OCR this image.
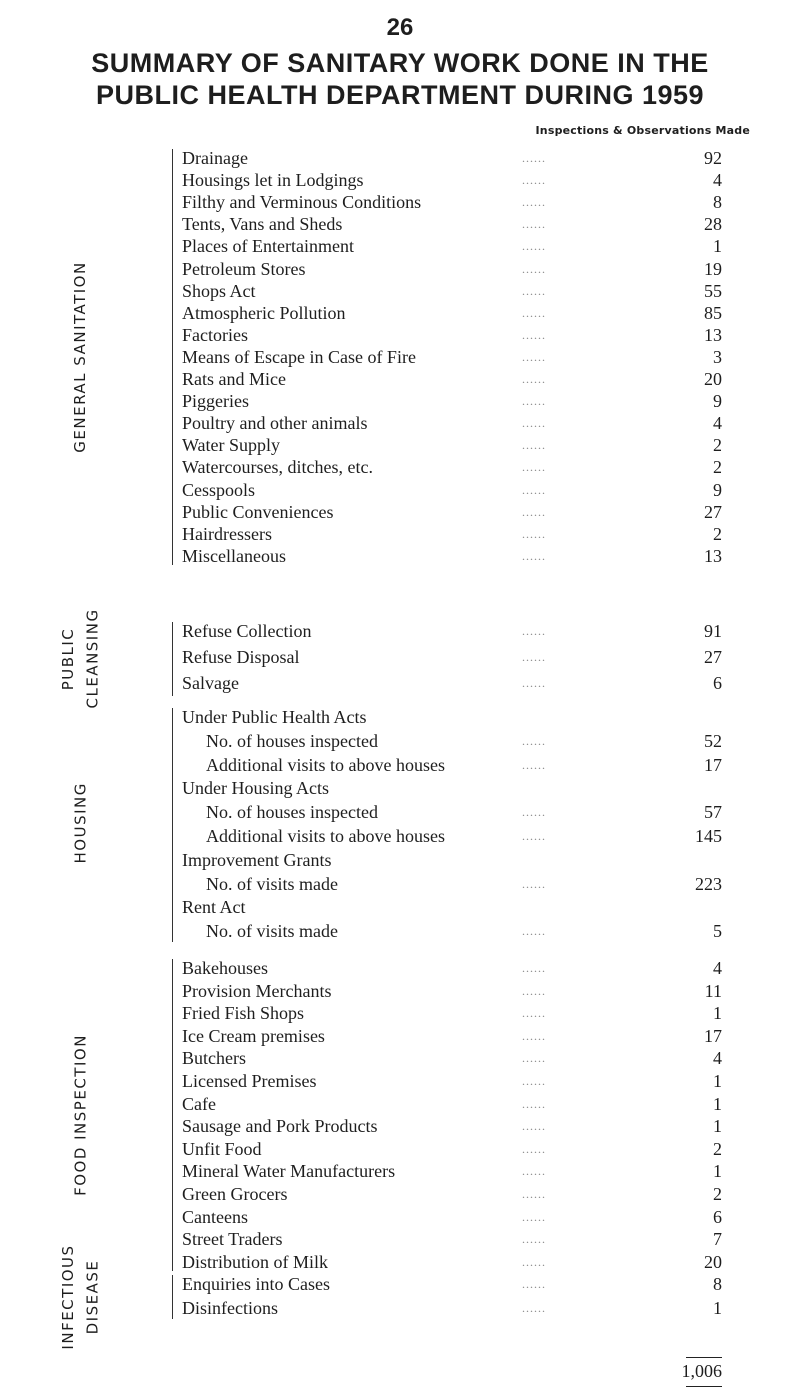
26
SUMMARY OF SANITARY WORK DONE IN THE
PUBLIC HEALTH DEPARTMENT DURING 1959
Inspections & Observations Made
GENERAL SANITATION
Drainage	......	92
Housings let in Lodgings	......	4
Filthy and Verminous Conditions	......	8
Tents, Vans and Sheds	......	28
Places of Entertainment	......	1
Petroleum Stores	......	19
Shops Act	......	55
Atmospheric Pollution	......	85
Factories	......	13
Means of Escape in Case of Fire	......	3
Rats and Mice	......	20
Piggeries	......	9
Poultry and other animals	......	4
Water Supply	......	2
Watercourses, ditches, etc.	......	2
Cesspools	......	9
Public Conveniences	......	27
Hairdressers	......	2
Miscellaneous	......	13
PUBLIC CLEANSING	Refuse Collection	......	91
Refuse Disposal	......	27
Salvage	......	6
HOUSING
Under Public Health Acts
No. of houses inspected	......	52
Additional visits to above houses	......	17
Under Housing Acts
No. of houses inspected	......	57
Additional visits to above houses	......	145
Improvement Grants
No. of visits made	......	223
Rent Act
No. of visits made	......	5
FOOD INSPECTION
Bakehouses	......	4
Provision Merchants	......	11
Fried Fish Shops	......	1
Ice Cream premises	......	17
Butchers	......	4
Licensed Premises	......	1
Cafe	......	1
Sausage and Pork Products	......	1
Unfit Food	......	2
Mineral Water Manufacturers	......	1
Green Grocers	......	2
Canteens	......	6
Street Traders	......	7
Distribution of Milk	......	20
INFECTIOUS DISEASE	Enquiries into Cases	......	8
Disinfections	......	1
1,006
